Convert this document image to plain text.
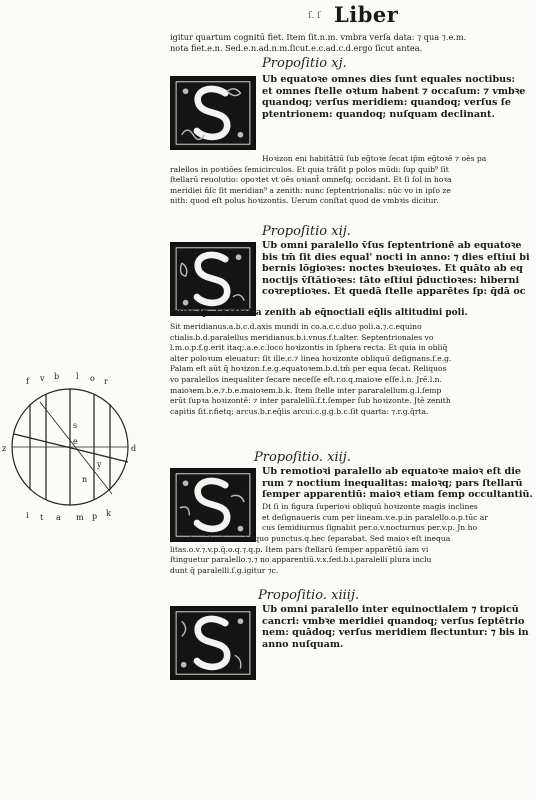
ſ. ſ Liber
igitur quartum cognitū fiet. Item ſit.n.m. vmbra verſa data: ⁊ qua ⁊.e.m.
nota fiet.e.n. Sed.e.n.ad.n.m.ſicut.e.c.ad.c.d.ergo ſicut antea.
Propoſitio xj.
Ub equatoꝛe omnes dies ſunt equales noctibus:
et omnes ſtelle oꝛtum habent ⁊ occaſum: ⁊ vmbꝛe
quandoq; verſus meridiem: quandoq; verſus ſe
ptentrionem: quandoq; nuſquam declinant.
Hoꝛizon eni habitātiū ſub eḡtoꝛe ſecat ip̄m eḡtoꝛē ⁊ oēs pa
ralellos in poꝛtiōes ſemicirculos. Et quia trāſit p polos mūdi: ſup quib⁹ ſit
ſtellarū reuolutio: opoꝛtet vt oēs oꝛiant̄ omneſq; occidant. Et ſi ſol in hoꝛa
meridiei n̄ſc ſit meridian⁹ a zenith: nunc ſeptentrionalis: nūc vo in ipſo ze
nith: quod eſt polus hoꝛizontis. Uerum conſtat quod de vmbꝛis dicitur.
Propoſitio xij.
Ub omni paralello v̄ſus ſeptentrionē ab equatoꝛe
bis tm̄ ſit dies equal' nocti in anno: ⁊ dies eſtiui bi
bernis lōgioꝛes: noctes bꝛeuioꝛes. Et quāto ab eq
noctijs v̄ſtātioꝛes: tāto eſtiui p̄ductioꝛes: hiberni
coꝛreptioꝛes. Et quedā ſtelle apparētes ſp: q̄dā oc
culte ſp. Et v̄ſtātia zenith ab eq̄noctiali eq̄lis altitudini poli.
Sit meridianus.a.b.c.d.axis mundi in co.a.c.c.duo poli.a.⁊.c.equino
ctialis.b.d.paralellus meridianus.b.i.vnus.f.t.alter. Septentrionales vo
l.m.o.p.f.g.erit itaq;.a.e.c.loco hoꝛizontis in ſphera recta. Et quia in obliq̄
alter poloꝛum eleuatur: ſit ille.c.⁊ linea hoꝛizonte obliquū deſignans.f.e.g.
Palam eſt aūt q̄ hoꝛizon.f.e.g.equatoꝛem.b.d.tm̄ per equa ſecat. Reliquos
vo paralellos inequaliter ſecare neceſſe eſt.r.o.q.maioꝛe eſſe.l.n. Jrē.l.n.
maioꝛem.b.e.⁊.b.e.maioꝛem.b.k. Item ſtelle inter pararalellum.g.l.ſemp
erūt ſupꝛa hoꝛizontē: ⁊ inter paralellū.f.t.ſemper ſub hoꝛizonte. Jtē zenith
capitis ſit.r.fietq; arcus.b.r.eq̄lis arcui.c.g.g.b.c.ſit quarta: ⁊.r.g.q̄rta.
Propoſitio. xiij.
Ub remotioꝛi paralello ab equatoꝛe maioꝛ eſt die
rum ⁊ noctium inequalitas: maioꝛq; pars ſtellarū
ſemper apparentiū: maioꝛ etiam ſemp occultantiū.
Dt ſi in figura ſuperioꝛi obliquū hoꝛizonte magis inclines
et deſignaueris cum per lineam.v.e.p.in paralello.o.p.tūc ar
cus ſemidiurnus ſignabit per.o.v.nocturnus per.v.p. Jn ho
rizonte aūt minus obliquo punctus.q.hec ſeparabat. Sed maioꝛ eſt inequa
litas.o.v.⁊.v.p.q̄.o.q.⁊.q.p. Item pars ſtellarū ſemper apparētiū iam vi
ſtinguetur paralello.⁊.⁊ no apparentiū.v.x.ſed.b.i.paralelli plura inclu
dunt q̄ paralelli.ſ.g.igitur ⁊c.
Propoſitio. xiiij.
Ub omni paralello inter equinoctialem ⁊ tropicū
cancri: vmbꝛe meridiei quandoq; verſus ſeptētrio
nem: quādoq; verſus meridiem flectuntur: ⁊ bis in
anno nuſquam.
f v b l o r
i t a m p k
z	d
s
e
y
n
